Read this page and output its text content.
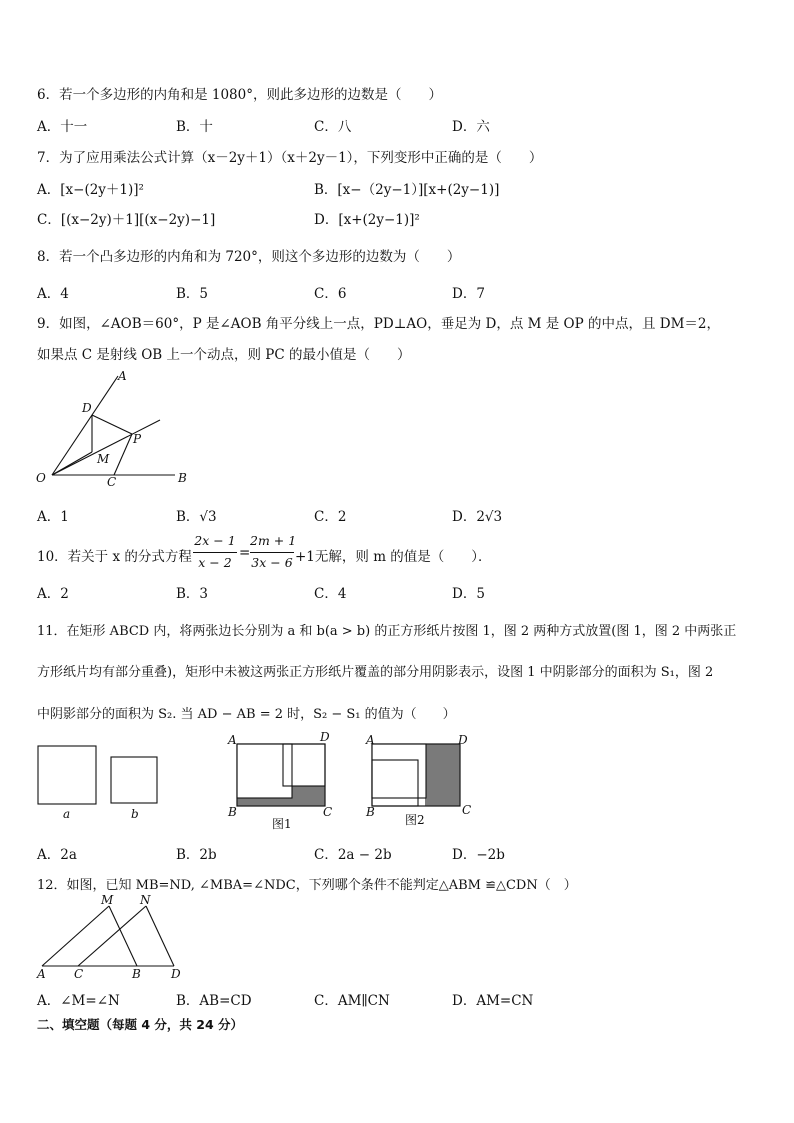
6．若一个多边形的内角和是 1080°，则此多边形的边数是（　　）
A．十一	B．十	C．八	D．六
7．为了应用乘法公式计算（x－2y＋1）（x＋2y－1），下列变形中正确的是（　　）
A．[x−(2y＋1)]²	B．[x−（2y−1）][x+(2y−1)]
C．[(x−2y)＋1][(x−2y)−1]	D．[x+(2y−1)]²
8．若一个凸多边形的内角和为 720°，则这个多边形的边数为（　　）
A．4	B．5	C．6	D．7
9．如图，∠AOB＝60°，P 是∠AOB 角平分线上一点，PD⊥AO，垂足为 D，点 M 是 OP 的中点，且 DM＝2，
如果点 C 是射线 OB 上一个动点，则 PC 的最小值是（　　）
A
D
P
M
O	C	B
A．1	B．√3	C．2	D．2√3
10．若关于 x 的分式方程
2x − 1
x − 2
=
2m + 1
3x − 6 +1无解，则 m 的值是（　　）．
A．2	B．3	C．4	D．5
11．在矩形 ABCD 内，将两张边长分别为 a 和 b(a > b) 的正方形纸片按图 1，图 2 两种方式放置(图 1，图 2 中两张正
方形纸片均有部分重叠)，矩形中未被这两张正方形纸片覆盖的部分用阴影表示，设图 1 中阴影部分的面积为 S₁，图 2
中阴影部分的面积为 S₂. 当 AD − AB = 2 时，S₂ − S₁ 的值为（　　）
a	b
A	D
B	C
图1
A	D
B	C
图2
A．2a	B．2b	C．2a − 2b	D．−2b
12．如图，已知 MB=ND, ∠MBA=∠NDC，下列哪个条件不能判定△ABM ≌△CDN（　）
M N
A C	B	D
A．∠M=∠N	B．AB=CD	C．AM∥CN	D．AM=CN
二、填空题（每题 4 分，共 24 分）
